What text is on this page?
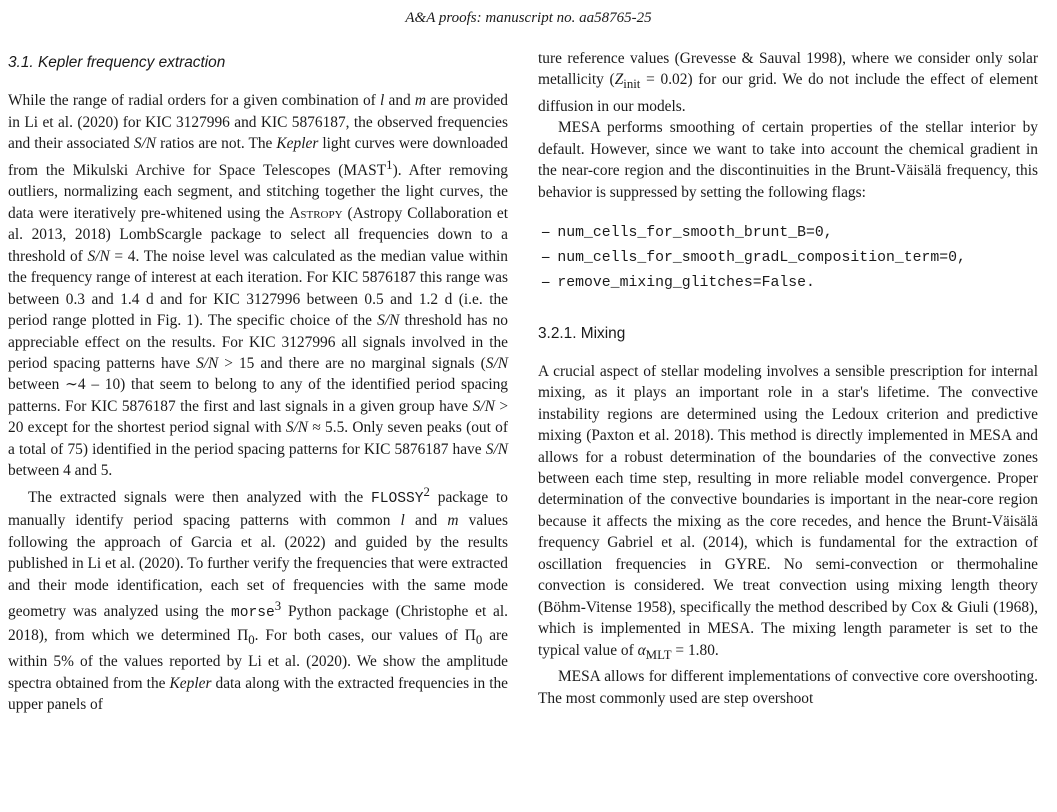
A&A proofs: manuscript no. aa58765-25
3.1. Kepler frequency extraction

While the range of radial orders for a given combination of l and m are provided in Li et al. (2020) for KIC 3127996 and KIC 5876187, the observed frequencies and their associated S/N ratios are not. The Kepler light curves were downloaded from the Mikulski Archive for Space Telescopes (MAST$^1$). After removing outliers, normalizing each segment, and stitching together the light curves, the data were iteratively pre-whitened using the Astropy (Astropy Collaboration et al. 2013, 2018) LombScargle package to select all frequencies down to a threshold of S/N = 4. The noise level was calculated as the median value within the frequency range of interest at each iteration. For KIC 5876187 this range was between 0.3 and 1.4 d and for KIC 3127996 between 0.5 and 1.2 d (i.e. the period range plotted in Fig. 1). The specific choice of the S/N threshold has no appreciable effect on the results. For KIC 3127996 all signals involved in the period spacing patterns have S/N > 15 and there are no marginal signals (S/N between ∼4 – 10) that seem to belong to any of the identified period spacing patterns. For KIC 5876187 the first and last signals in a given group have S/N > 20 except for the shortest period signal with S/N ≈ 5.5. Only seven peaks (out of a total of 75) identified in the period spacing patterns for KIC 5876187 have S/N between 4 and 5.

The extracted signals were then analyzed with the FLOSSY$^2$ package to manually identify period spacing patterns with common l and m values following the approach of Garcia et al. (2022) and guided by the results published in Li et al. (2020). To further verify the frequencies that were extracted and their mode identification, each set of frequencies with the same mode geometry was analyzed using the morse$^3$ Python package (Christophe et al. 2018), from which we determined $\Pi_0$. For both cases, our values of $\Pi_0$ are within 5% of the values reported by Li et al. (2020). We show the amplitude spectra obtained from the Kepler data along with the extracted frequencies in the upper panels of

ture reference values (Grevesse & Sauval 1998), where we consider only solar metallicity $(Z_{init} = 0.02)$ for our grid. We do not include the effect of element diffusion in our models.

MESA performs smoothing of certain properties of the stellar interior by default. However, since we want to take into account the chemical gradient in the near-core region and the discontinuities in the Brunt-Väisälä frequency, this behavior is suppressed by setting the following flags:

– num_cells_for_smooth_brunt_B=0,
– num_cells_for_smooth_gradL_composition_term=0,
– remove_mixing_glitches=False.
3.2.1. Mixing

A crucial aspect of stellar modeling involves a sensible prescription for internal mixing, as it plays an important role in a star's lifetime. The convective instability regions are determined using the Ledoux criterion and predictive mixing (Paxton et al. 2018). This method is directly implemented in MESA and allows for a robust determination of the boundaries of the convective zones between each time step, resulting in more reliable model convergence. Proper determination of the convective boundaries is important in the near-core region because it affects the mixing as the core recedes, and hence the Brunt-Väisälä frequency Gabriel et al. (2014), which is fundamental for the extraction of oscillation frequencies in GYRE. No semi-convection or thermohaline convection is considered. We treat convection using mixing length theory (Böhm-Vitense 1958), specifically the method described by Cox & Giuli (1968), which is implemented in MESA. The mixing length parameter is set to the typical value of $\alpha_{MLT} = 1.80$.

MESA allows for different implementations of convective core overshooting. The most commonly used are step overshoot
